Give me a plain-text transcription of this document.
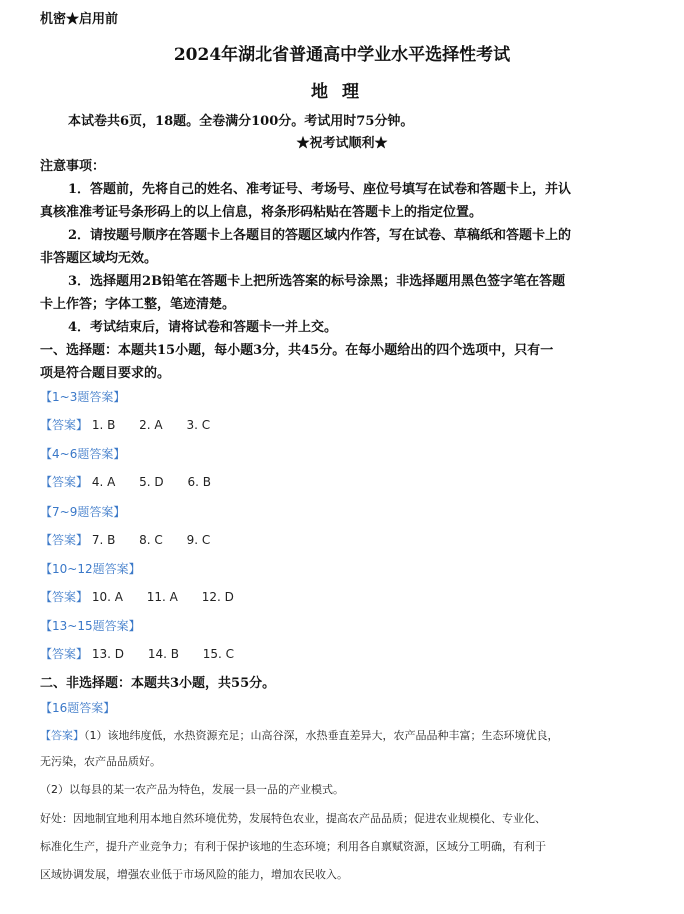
机密★启用前
2024年湖北省普通高中学业水平选择性考试
地理
本试卷共6页，18题。全卷满分100分。考试用时75分钟。
★祝考试顺利★
注意事项：
1．答题前，先将自己的姓名、准考证号、考场号、座位号填写在试卷和答题卡上，并认
真核准准考证号条形码上的以上信息，将条形码粘贴在答题卡上的指定位置。
2．请按题号顺序在答题卡上各题目的答题区域内作答，写在试卷、草稿纸和答题卡上的
非答题区域均无效。
3．选择题用2B铅笔在答题卡上把所选答案的标号涂黑；非选择题用黑色签字笔在答题
卡上作答；字体工整，笔迹清楚。
4．考试结束后，请将试卷和答题卡一并上交。
一、选择题：本题共15小题，每小题3分，共45分。在每小题给出的四个选项中，只有一
项是符合题目要求的。
【1~3题答案】
【答案】 1. B 2. A 3. C
【4~6题答案】
【答案】 4. A 5. D 6. B
【7~9题答案】
【答案】 7. B 8. C 9. C
【10~12题答案】
【答案】 10. A 11. A 12. D
【13~15题答案】
【答案】 13. D 14. B 15. C
二、非选择题：本题共3小题，共55分。
【16题答案】
【答案】（1）该地纬度低，水热资源充足；山高谷深，水热垂直差异大，农产品品种丰富；生态环境优良，
无污染，农产品品质好。
（2）以每县的某一农产品为特色，发展一县一品的产业模式。
好处：因地制宜地利用本地自然环境优势，发展特色农业，提高农产品品质；促进农业规模化、专业化、
标准化生产，提升产业竞争力；有利于保护该地的生态环境；利用各自禀赋资源，区域分工明确，有利于
区域协调发展，增强农业低于市场风险的能力，增加农民收入。
